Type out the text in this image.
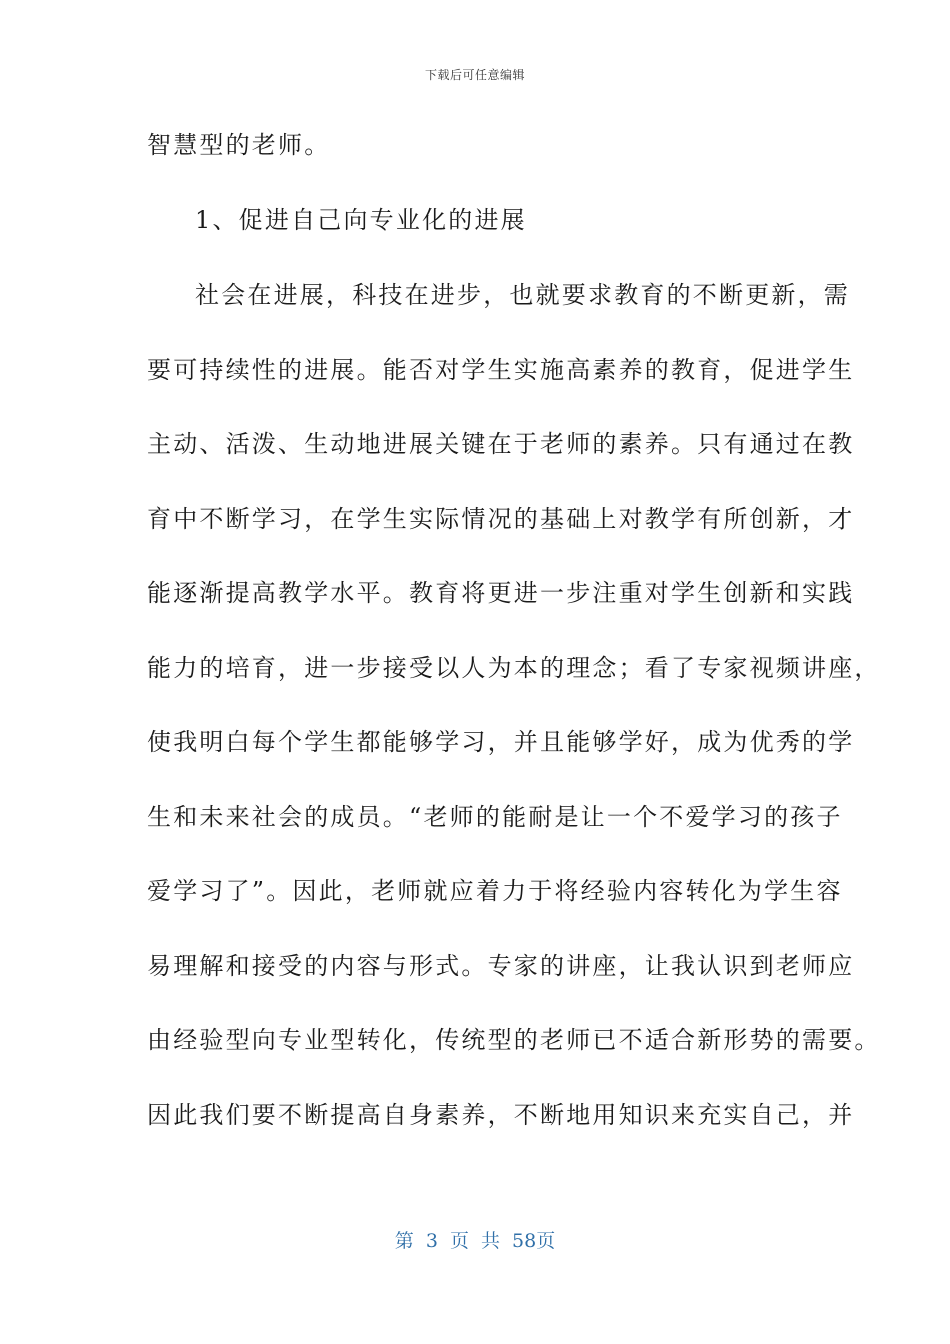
下载后可任意编辑
智慧型的老师。
1、促进自己向专业化的进展
社会在进展，科技在进步，也就要求教育的不断更新，需
要可持续性的进展。能否对学生实施高素养的教育，促进学生
主动、活泼、生动地进展关键在于老师的素养。只有通过在教
育中不断学习，在学生实际情况的基础上对教学有所创新，才
能逐渐提高教学水平。教育将更进一步注重对学生创新和实践
能力的培育，进一步接受以人为本的理念；看了专家视频讲座，
使我明白每个学生都能够学习，并且能够学好，成为优秀的学
生和未来社会的成员。“老师的能耐是让一个不爱学习的孩子
爱学习了”。因此，老师就应着力于将经验内容转化为学生容
易理解和接受的内容与形式。专家的讲座，让我认识到老师应
由经验型向专业型转化，传统型的老师已不适合新形势的需要。
因此我们要不断提高自身素养，不断地用知识来充实自己，并
第 3 页 共 58页
